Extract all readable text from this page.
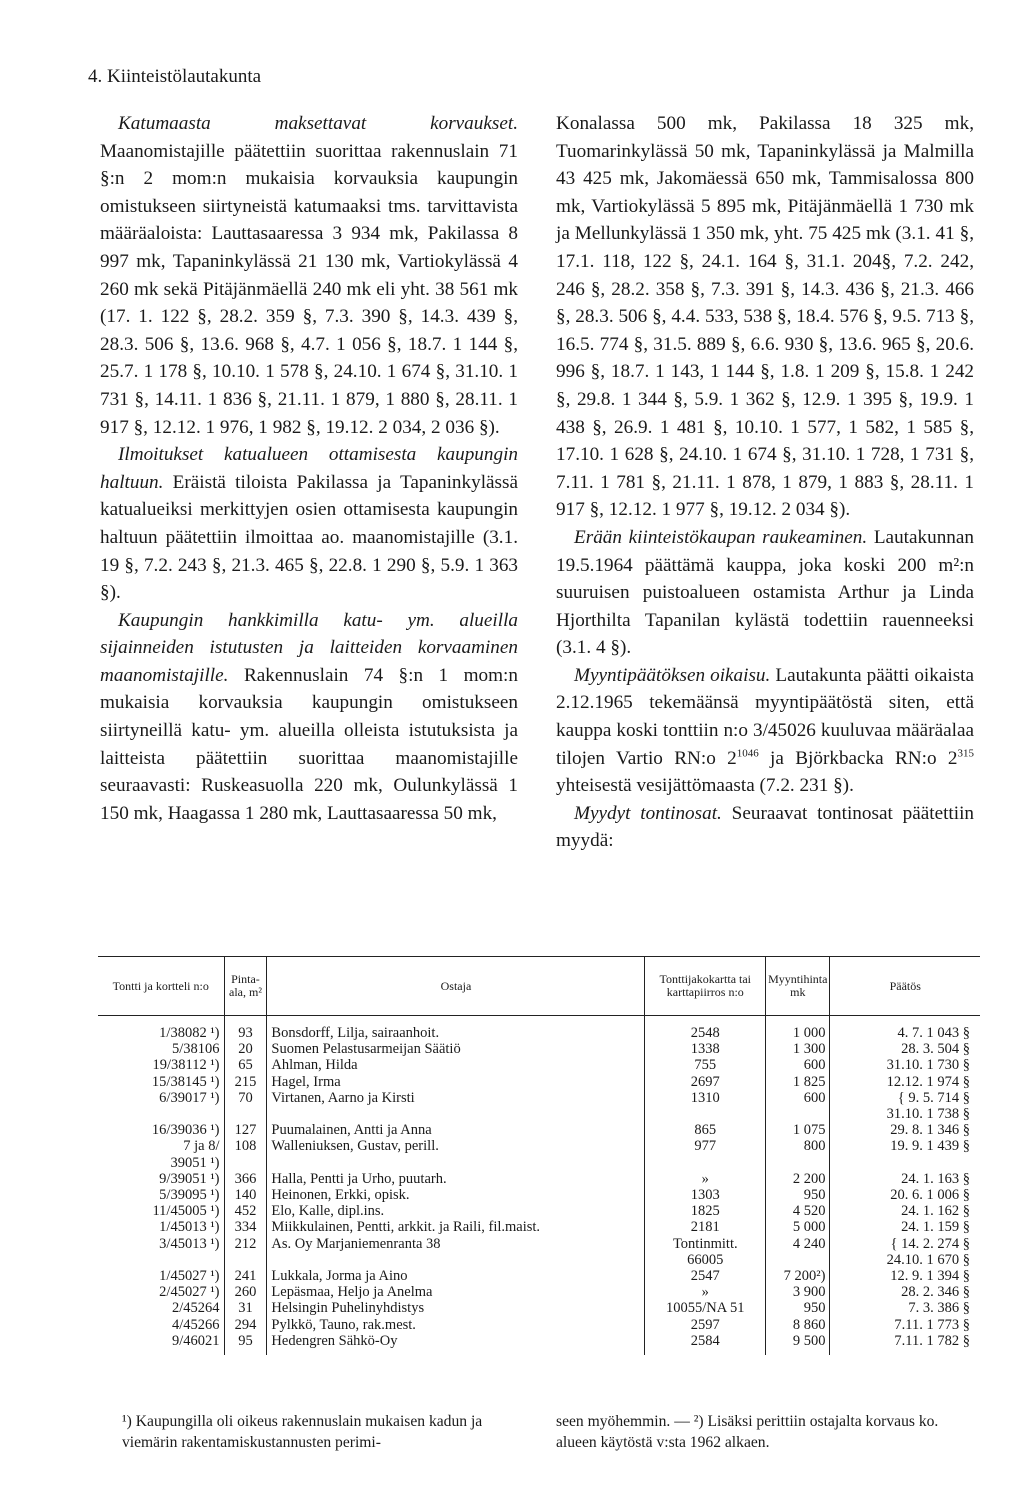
4. Kiinteistölautakunta

Katumaasta maksettavat korvaukset. Maanomistajille päätettiin suorittaa rakennuslain 71 §:n 2 mom:n mukaisia korvauksia kaupungin omistukseen siirtyneistä katumaaksi tms. tarvittavista määräaloista: Lauttasaaressa 3 934 mk, Pakilassa 8 997 mk, Tapaninkylässä 21 130 mk, Vartiokylässä 4 260 mk sekä Pitäjänmäellä 240 mk eli yht. 38 561 mk (17. 1. 122 §, 28.2. 359 §, 7.3. 390 §, 14.3. 439 §, 28.3. 506 §, 13.6. 968 §, 4.7. 1 056 §, 18.7. 1 144 §, 25.7. 1 178 §, 10.10. 1 578 §, 24.10. 1 674 §, 31.10. 1 731 §, 14.11. 1 836 §, 21.11. 1 879, 1 880 §, 28.11. 1 917 §, 12.12. 1 976, 1 982 §, 19.12. 2 034, 2 036 §).

Ilmoitukset katualueen ottamisesta kaupungin haltuun. Eräistä tiloista Pakilassa ja Tapaninkylässä katualueiksi merkittyjen osien ottamisesta kaupungin haltuun päätettiin ilmoittaa ao. maanomistajille (3.1. 19 §, 7.2. 243 §, 21.3. 465 §, 22.8. 1 290 §, 5.9. 1 363 §).

Kaupungin hankkimilla katu- ym. alueilla sijainneiden istutusten ja laitteiden korvaaminen maanomistajille. Rakennuslain 74 §:n 1 mom:n mukaisia korvauksia kaupungin omistukseen siirtyneillä katu- ym. alueilla olleista istutuksista ja laitteista päätettiin suorittaa maanomistajille seuraavasti: Ruskeasuolla 220 mk, Oulunkylässä 1 150 mk, Haagassa 1 280 mk, Lauttasaaressa 50 mk,

Konalassa 500 mk, Pakilassa 18 325 mk, Tuomarinkylässä 50 mk, Tapaninkylässä ja Malmilla 43 425 mk, Jakomäessä 650 mk, Tammisalossa 800 mk, Vartiokylässä 5 895 mk, Pitäjänmäellä 1 730 mk ja Mellunkylässä 1 350 mk, yht. 75 425 mk (3.1. 41 §, 17.1. 118, 122 §, 24.1. 164 §, 31.1. 204§, 7.2. 242, 246 §, 28.2. 358 §, 7.3. 391 §, 14.3. 436 §, 21.3. 466 §, 28.3. 506 §, 4.4. 533, 538 §, 18.4. 576 §, 9.5. 713 §, 16.5. 774 §, 31.5. 889 §, 6.6. 930 §, 13.6. 965 §, 20.6. 996 §, 18.7. 1 143, 1 144 §, 1.8. 1 209 §, 15.8. 1 242 §, 29.8. 1 344 §, 5.9. 1 362 §, 12.9. 1 395 §, 19.9. 1 438 §, 26.9. 1 481 §, 10.10. 1 577, 1 582, 1 585 §, 17.10. 1 628 §, 24.10. 1 674 §, 31.10. 1 728, 1 731 §, 7.11. 1 781 §, 21.11. 1 878, 1 879, 1 883 §, 28.11. 1 917 §, 12.12. 1 977 §, 19.12. 2 034 §).

Erään kiinteistökaupan raukeaminen. Lautakunnan 19.5.1964 päättämä kauppa, joka koski 200 m²:n suuruisen puistoalueen ostamista Arthur ja Linda Hjorthilta Tapanilan kylästä todettiin rauenneeksi (3.1. 4 §).

Myyntipäätöksen oikaisu. Lautakunta päätti oikaista 2.12.1965 tekemäänsä myyntipäätöstä siten, että kauppa koski tonttiin n:o 3/45026 kuuluvaa määräalaa tilojen Vartio RN:o $2^{1046}$ ja Björkbacka RN:o $2^{315}$ yhteisestä vesijättömaasta (7.2. 231 §).

Myydyt tontinosat. Seuraavat tontinosat päätettiin myydä:

Tontti ja kortteli n:o	Pinta-ala, m²	Ostaja	Tonttijakokartta tai karttapiirros n:o	Myyntihinta mk	Päätös
1/38082 ¹)	93	Bonsdorff, Lilja, sairaanhoit.	2548	1 000	4. 7. 1 043 §
5/38106	20	Suomen Pelastusarmeijan Säätiö	1338	1 300	28. 3. 504 §
19/38112 ¹)	65	Ahlman, Hilda	755	600	31.10. 1 730 §
15/38145 ¹)	215	Hagel, Irma	2697	1 825	12.12. 1 974 §
6/39017 ¹)	70	Virtanen, Aarno ja Kirsti	1310	600	{ 9. 5. 714 §
31.10. 1 738 §
16/39036 ¹)	127	Puumalainen, Antti ja Anna	865	1 075	29. 8. 1 346 §
7 ja 8/
39051 ¹)	108	Walleniuksen, Gustav, perill.	977	800	19. 9. 1 439 §
9/39051 ¹)	366	Halla, Pentti ja Urho, puutarh.	»	2 200	24. 1. 163 §
5/39095 ¹)	140	Heinonen, Erkki, opisk.	1303	950	20. 6. 1 006 §
11/45005 ¹)	452	Elo, Kalle, dipl.ins.	1825	4 520	24. 1. 162 §
1/45013 ¹)	334	Miikkulainen, Pentti, arkkit. ja Raili, fil.maist.	2181	5 000	24. 1. 159 §
3/45013 ¹)	212	As. Oy Marjaniemenranta 38	Tontinmitt.
66005	4 240	{ 14. 2. 274 §
24.10. 1 670 §
1/45027 ¹)	241	Lukkala, Jorma ja Aino	2547	7 200²)	12. 9. 1 394 §
2/45027 ¹)	260	Lepäsmaa, Heljo ja Anelma	»	3 900	28. 2. 346 §
2/45264	31	Helsingin Puhelinyhdistys	10055/NA 51	950	7. 3. 386 §
4/45266	294	Pylkkö, Tauno, rak.mest.	2597	8 860	7.11. 1 773 §
9/46021	95	Hedengren Sähkö-Oy	2584	9 500	7.11. 1 782 §
¹) Kaupungilla oli oikeus rakennuslain mukaisen kadun ja viemärin rakentamiskustannusten perimi-
seen myöhemmin. — ²) Lisäksi perittiin ostajalta korvaus ko. alueen käytöstä v:sta 1962 alkaen.
